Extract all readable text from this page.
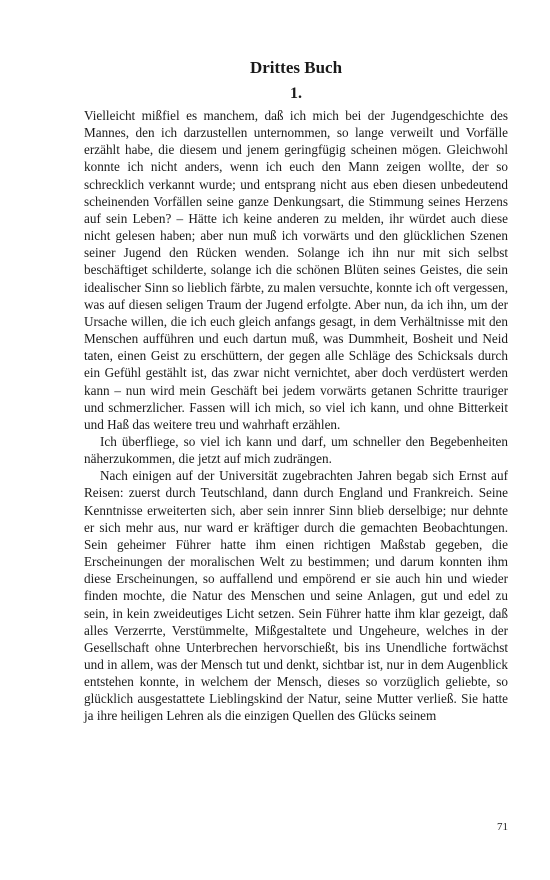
Drittes Buch
1.

Vielleicht mißfiel es manchem, daß ich mich bei der Jugendgeschichte des Mannes, den ich darzustellen unternommen, so lange verweilt und Vorfälle erzählt habe, die diesem und jenem geringfügig scheinen mögen. Gleichwohl konnte ich nicht anders, wenn ich euch den Mann zeigen wollte, der so schrecklich verkannt wurde; und entsprang nicht aus eben diesen unbedeutend scheinenden Vorfällen seine ganze Denkungsart, die Stimmung seines Herzens auf sein Leben? – Hätte ich keine anderen zu melden, ihr würdet auch diese nicht gelesen haben; aber nun muß ich vorwärts und den glücklichen Szenen seiner Jugend den Rücken wenden. Solange ich ihn nur mit sich selbst beschäftiget schilderte, solange ich die schönen Blüten seines Geistes, die sein idealischer Sinn so lieblich färbte, zu malen versuchte, konnte ich oft vergessen, was auf diesen seligen Traum der Jugend erfolgte. Aber nun, da ich ihn, um der Ursache willen, die ich euch gleich anfangs gesagt, in dem Verhältnisse mit den Menschen aufführen und euch dartun muß, was Dummheit, Bosheit und Neid taten, einen Geist zu erschüttern, der gegen alle Schläge des Schicksals durch ein Gefühl gestählt ist, das zwar nicht vernichtet, aber doch verdüstert werden kann – nun wird mein Geschäft bei jedem vorwärts getanen Schritte trauriger und schmerzlicher. Fassen will ich mich, so viel ich kann, und ohne Bitterkeit und Haß das weitere treu und wahrhaft erzählen.

Ich überfliege, so viel ich kann und darf, um schneller den Begebenheiten näherzukommen, die jetzt auf mich zudrängen.

Nach einigen auf der Universität zugebrachten Jahren begab sich Ernst auf Reisen: zuerst durch Teutschland, dann durch England und Frankreich. Seine Kenntnisse erweiterten sich, aber sein innrer Sinn blieb derselbige; nur dehnte er sich mehr aus, nur ward er kräftiger durch die gemachten Beobachtungen. Sein geheimer Führer hatte ihm einen richtigen Maßstab gegeben, die Erscheinungen der moralischen Welt zu bestimmen; und darum konnten ihm diese Erscheinungen, so auffallend und empörend er sie auch hin und wieder finden mochte, die Natur des Menschen und seine Anlagen, gut und edel zu sein, in kein zweideutiges Licht setzen. Sein Führer hatte ihm klar gezeigt, daß alles Verzerrte, Verstümmelte, Mißgestaltete und Ungeheure, welches in der Gesellschaft ohne Unterbrechen hervorschießt, bis ins Unendliche fortwächst und in allem, was der Mensch tut und denkt, sichtbar ist, nur in dem Augenblick entstehen konnte, in welchem der Mensch, dieses so vorzüglich geliebte, so glücklich ausgestattete Lieblingskind der Natur, seine Mutter verließ. Sie hatte ja ihre heiligen Lehren als die einzigen Quellen des Glücks seinem

71
